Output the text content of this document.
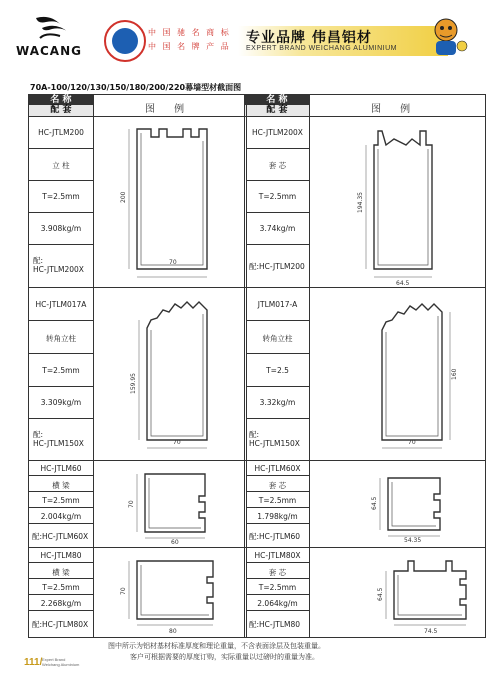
WACANG
中 国 驰 名 商 标
中 国 名 牌 产 品
专业品牌 伟昌铝材
EXPERT BRAND WEICHANG ALUMINIUM
70A-100/120/130/150/180/200/220幕墙型材截面图
名 称
配 套	图 例
名 称
配 套	图 例
HC-JTLM200
立 柱
T=2.5mm
3.908kg/m
配:
HC-JTLM200X
HC-JTLM200X
套 芯
T=2.5mm
3.74kg/m
配:HC-JTLM200
HC-JTLM017A
转角立柱
T=2.5mm
3.309kg/m
配:
HC-JTLM150X
JTLM017-A
转角立柱
T=2.5
3.32kg/m
配:
HC-JTLM150X
HC-JTLM60
横 梁
T=2.5mm
2.004kg/m
配:HC-JTLM60X
HC-JTLM60X
套 芯
T=2.5mm
1.798kg/m
配:HC-JTLM60
HC-JTLM80
横 梁
T=2.5mm
2.268kg/m
配:HC-JTLM80X
HC-JTLM80X
套 芯
T=2.5mm
2.064kg/m
配:HC-JTLM80
200
70
194.35
64.5
159.95
70
160
70
70
60
64.5
54.35
70
80
64.5
74.5
图中所示为铝材基材标准厚度和理论重量，不含表面涂层及包装重量。
客户可根据需要的厚度订购，实际重量以过磅时的重量为准。
111/ Expert Brand
Weichang Aluminium
